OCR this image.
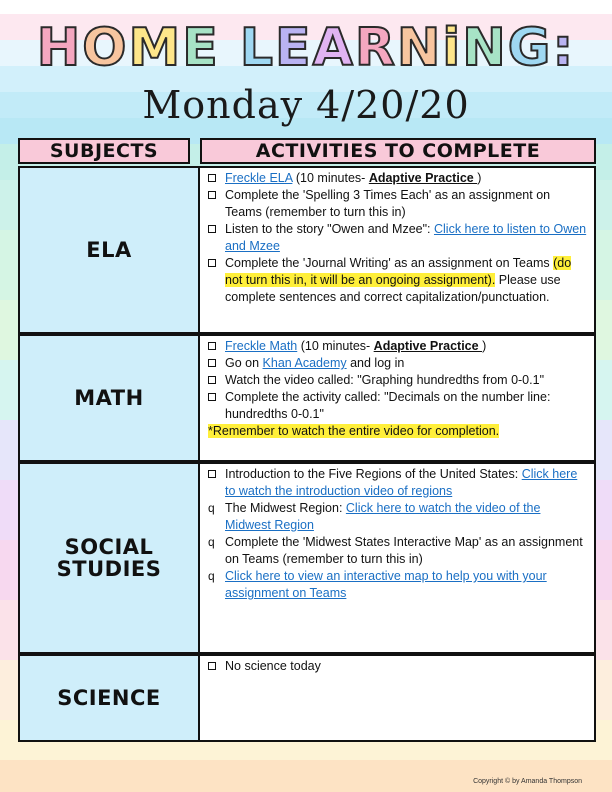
HOME LEARNiNG:
Monday 4/20/20
SUBJECTS	ACTIVITIES TO COMPLETE
ELA
Freckle ELA (10 minutes- Adaptive Practice )
Complete the 'Spelling 3 Times Each' as an assignment on Teams (remember to turn this in)
Listen to the story "Owen and Mzee": Click here to listen to Owen and Mzee
Complete the 'Journal Writing' as an assignment on Teams (do not turn this in, it will be an ongoing assignment). Please use complete sentences and correct capitalization/punctuation.
MATH
Freckle Math (10 minutes- Adaptive Practice )
Go on Khan Academy and log in
Watch the video called: "Graphing hundredths from 0-0.1"
Complete the activity called: "Decimals on the number line: hundredths 0-0.1"
*Remember to watch the entire video for completion.
SOCIAL
STUDIES
Introduction to the Five Regions of the United States: Click here to watch the introduction video of regions
q The Midwest Region: Click here to watch the video of the Midwest Region
q Complete the 'Midwest States Interactive Map' as an assignment on Teams (remember to turn this in)
q Click here to view an interactive map to help you with your assignment on Teams
SCIENCE
No science today
Copyright © by Amanda Thompson
